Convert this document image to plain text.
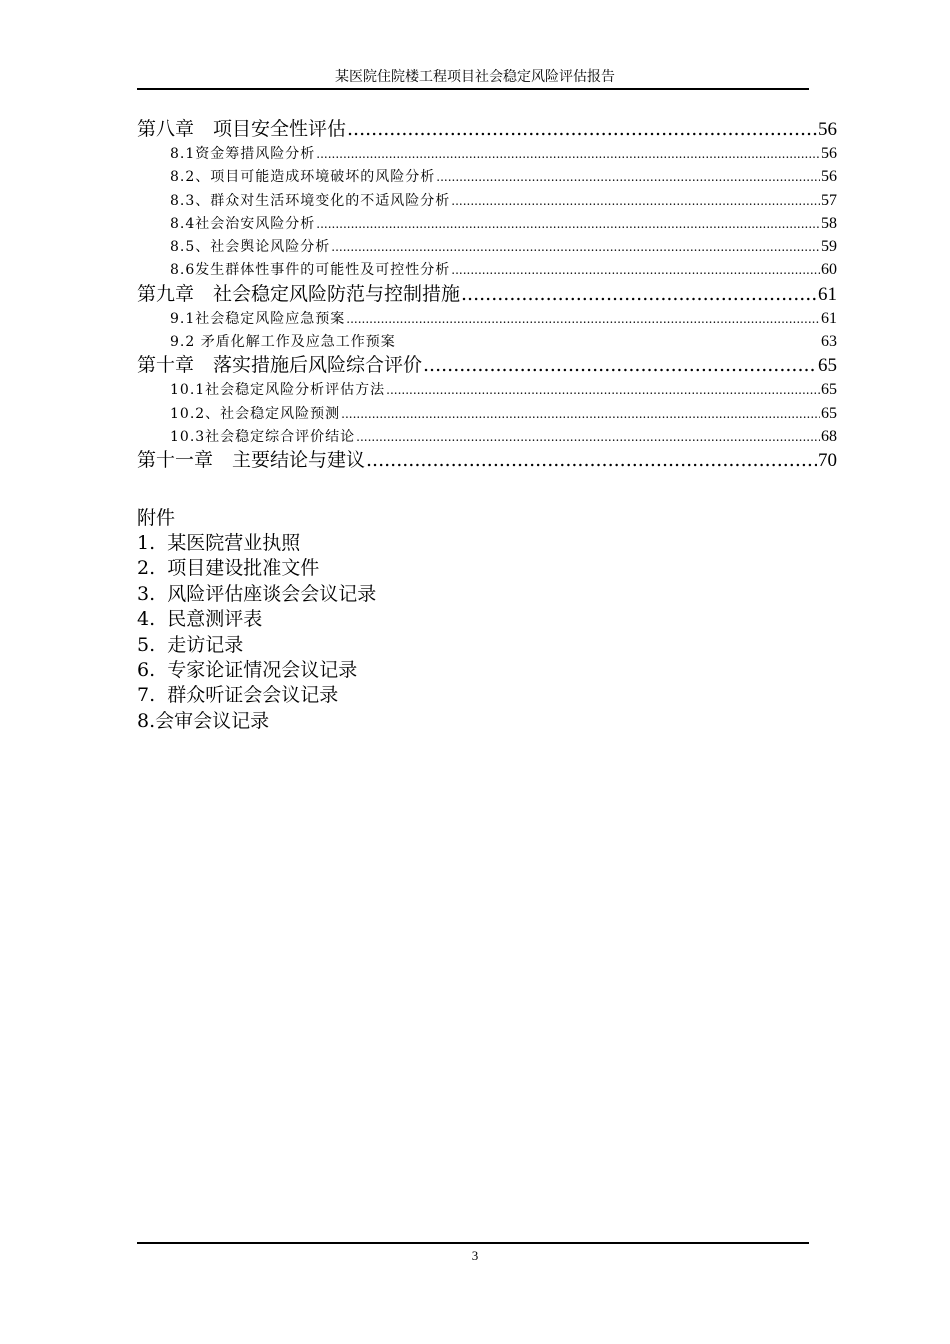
某医院住院楼工程项目社会稳定风险评估报告
第八章　项目安全性评估 .....	56
8.1资金筹措风险分析 .....	56
8.2、项目可能造成环境破坏的风险分析 .....	56
8.3、群众对生活环境变化的不适风险分析 .....	57
8.4社会治安风险分析 .....	58
8.5、社会舆论风险分析 .....	59
8.6发生群体性事件的可能性及可控性分析 .....	60
第九章　社会稳定风险防范与控制措施 .....	61
9.1社会稳定风险应急预案 .....	61
9.2 矛盾化解工作及应急工作预案	63
第十章　落实措施后风险综合评价 .....	65
10.1社会稳定风险分析评估方法 .....	65
10.2、社会稳定风险预测 .....	65
10.3社会稳定综合评价结论 .....	68
第十一章　主要结论与建议 .....	70
附件
1.  某医院营业执照
2.  项目建设批准文件
3.  风险评估座谈会会议记录
4.  民意测评表
5.  走访记录
6.  专家论证情况会议记录
7.  群众听证会会议记录
8.会审会议记录
3
